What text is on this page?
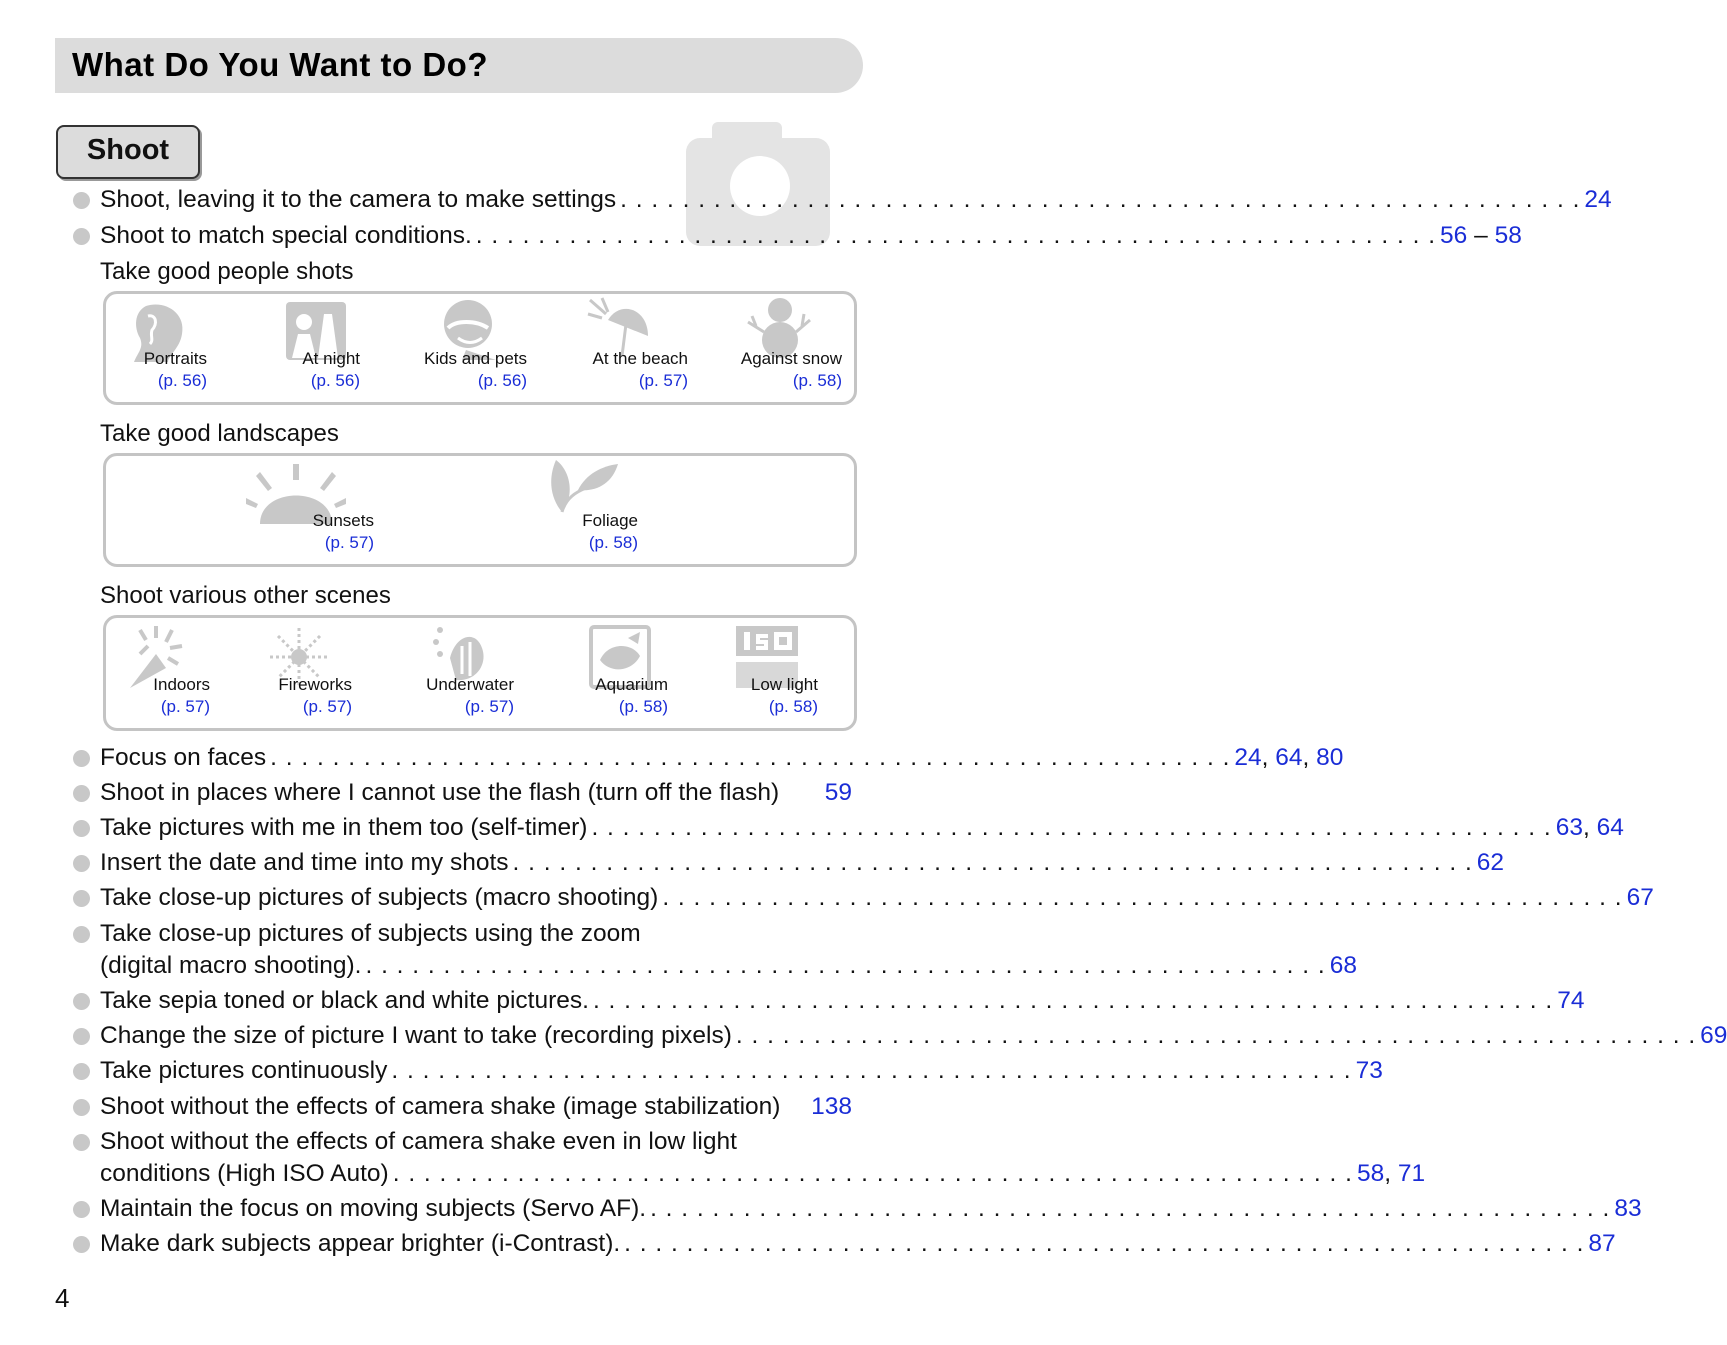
What Do You Want to Do?
Shoot
Shoot, leaving it to the camera to make settings . . . . . . . . . . . . . . . . . . . . . . . . . . . . . . . . . . . . . . . . . . . . . . . . . . . . . . . . . . . . . . 24
Shoot to match special conditions. . . . . . . . . . . . . . . . . . . . . . . . . . . . . . . . . . . . . . . . . . . . . . . . . . . . . . . . . . . . . . . 56 – 58
Take good people shots
Portraits
(p. 56)
At night
(p. 56)
Kids and pets
(p. 56)
At the beach
(p. 57)
Against snow
(p. 58)
Take good landscapes
Sunsets
(p. 57)
Foliage
(p. 58)
Shoot various other scenes
Indoors
(p. 57)
Fireworks
(p. 57)
Underwater
(p. 57)
Aquarium
(p. 58)
Low light
(p. 58)
Focus on faces . . . . . . . . . . . . . . . . . . . . . . . . . . . . . . . . . . . . . . . . . . . . . . . . . . . . . . . . . . . . . . 24, 64, 80
Shoot in places where I cannot use the flash (turn off the flash) 59
Take pictures with me in them too (self-timer) . . . . . . . . . . . . . . . . . . . . . . . . . . . . . . . . . . . . . . . . . . . . . . . . . . . . . . . . . . . . . . 63, 64
Insert the date and time into my shots . . . . . . . . . . . . . . . . . . . . . . . . . . . . . . . . . . . . . . . . . . . . . . . . . . . . . . . . . . . . . . 62
Take close-up pictures of subjects (macro shooting) . . . . . . . . . . . . . . . . . . . . . . . . . . . . . . . . . . . . . . . . . . . . . . . . . . . . . . . . . . . . . . 67
Take close-up pictures of subjects using the zoom
(digital macro shooting). . . . . . . . . . . . . . . . . . . . . . . . . . . . . . . . . . . . . . . . . . . . . . . . . . . . . . . . . . . . . . . 68
Take sepia toned or black and white pictures. . . . . . . . . . . . . . . . . . . . . . . . . . . . . . . . . . . . . . . . . . . . . . . . . . . . . . . . . . . . . . . 74
Change the size of picture I want to take (recording pixels) . . . . . . . . . . . . . . . . . . . . . . . . . . . . . . . . . . . . . . . . . . . . . . . . . . . . . . . . . . . . . . 69
Take pictures continuously . . . . . . . . . . . . . . . . . . . . . . . . . . . . . . . . . . . . . . . . . . . . . . . . . . . . . . . . . . . . . . 73
Shoot without the effects of camera shake (image stabilization) 138
Shoot without the effects of camera shake even in low light
conditions (High ISO Auto) . . . . . . . . . . . . . . . . . . . . . . . . . . . . . . . . . . . . . . . . . . . . . . . . . . . . . . . . . . . . . . 58, 71
Maintain the focus on moving subjects (Servo AF). . . . . . . . . . . . . . . . . . . . . . . . . . . . . . . . . . . . . . . . . . . . . . . . . . . . . . . . . . . . . . . 83
Make dark subjects appear brighter (i-Contrast). . . . . . . . . . . . . . . . . . . . . . . . . . . . . . . . . . . . . . . . . . . . . . . . . . . . . . . . . . . . . . . 87
4
